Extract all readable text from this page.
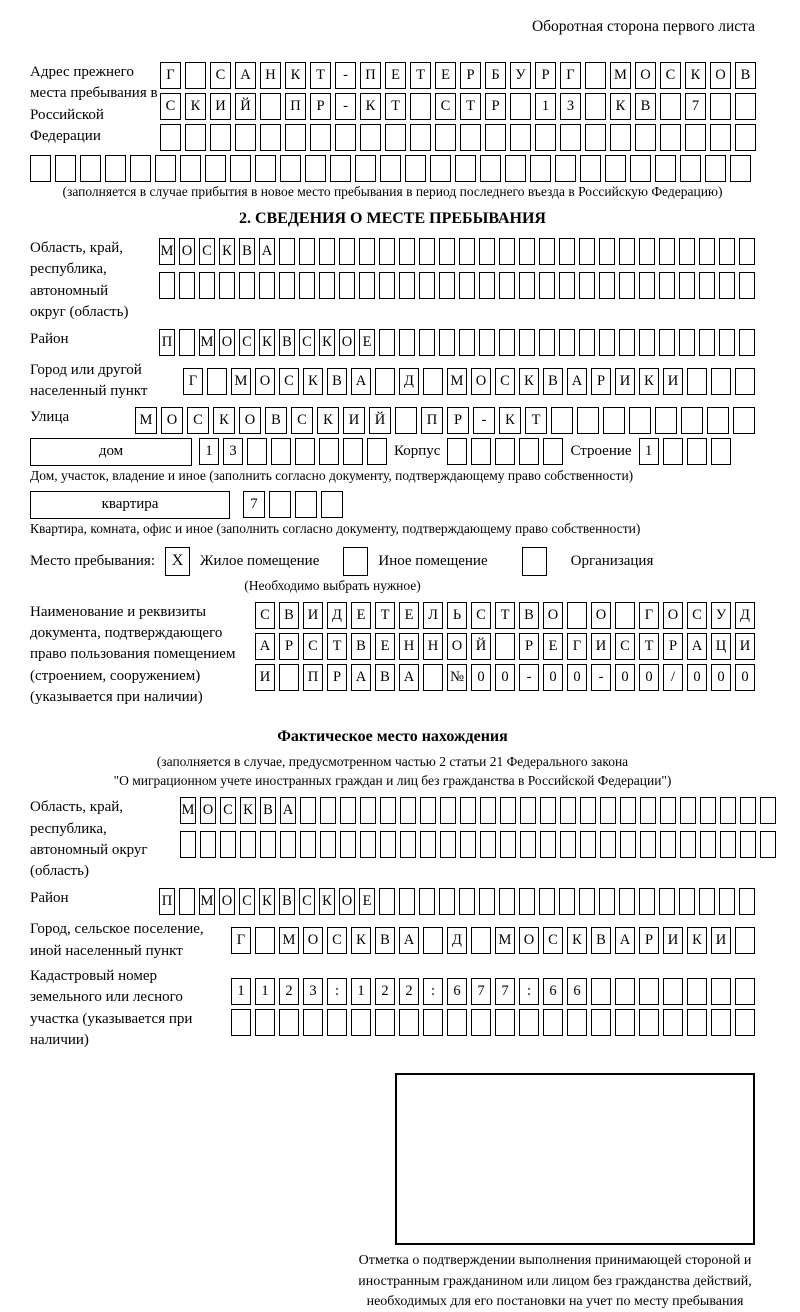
Оборотная сторона первого листа
Адрес прежнего места пребывания в Российской Федерации
Г	С	А	Н	К	Т	-	П	Е	Т	Е	Р	Б	У	Р	Г	М О	С	К	О	В
С	К	И	Й	П	Р	-	К	Т	С	Т	Р	1	3	К	В	7
(заполняется в случае прибытия в новое место пребывания в период последнего въезда в Российскую Федерацию)
2. СВЕДЕНИЯ О МЕСТЕ ПРЕБЫВАНИЯ
Область, край, республика, автономный округ (область)
М О С К В А
Район	П М О С К В С К О Е
Город или другой населенный пункт
Г	М О С К В А	Д	М О С К В А	Р	И К И
Улица	М О	С	К	О	В	С	К	И	Й	П	Р	-	К	Т
дом	1	3	Корпус	Строение 1
Дом, участок, владение и иное (заполнить согласно документу, подтверждающему право собственности)
квартира	7
Квартира, комната, офис и иное (заполнить согласно документу, подтверждающему право собственности)
Место пребывания:	X	Жилое помещение	Иное помещение	Организация
(Необходимо выбрать нужное)
Наименование и реквизиты документа, подтверждающего право пользования помещением (строением, сооружением) (указывается при наличии)
С В И Д	Е	Т	Е	Л	Ь	С	Т	В О	О	Г	О С У Д
А	Р	С	Т	В	Е Н Н О Й	Р	Е	Г	И С	Т	Р	А Ц И
И	П	Р	А В А	№ 0	0	-	0	0	-	0	0	/	0	0	0
Фактическое место нахождения
(заполняется в случае, предусмотренном частью 2 статьи 21 Федерального закона
"О миграционном учете иностранных граждан и лиц без гражданства в Российской Федерации")
Область, край, республика, автономный округ (область)
М О С К В А
Район	П М О С К В С К О Е
Город, сельское поселение, иной населенный пункт
Г	М О С К В А	Д	М О С К В А	Р	И К И
Кадастровый номер земельного или лесного участка (указывается при наличии)
1	1	2	3	:	1	2	2	:	6	7	7	:	6	6
Отметка о подтверждении выполнения принимающей стороной и иностранным гражданином или лицом без гражданства действий, необходимых для его постановки на учет по месту пребывания
